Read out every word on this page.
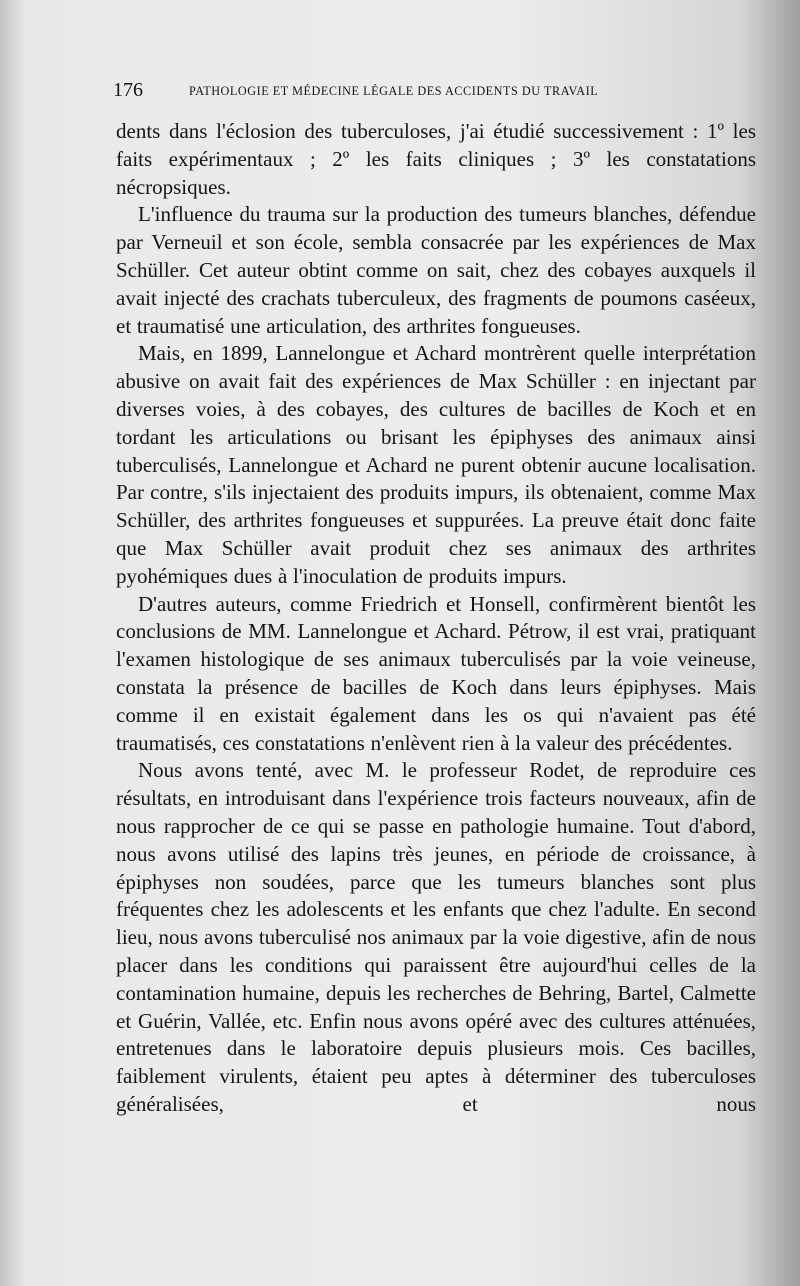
176	PATHOLOGIE ET MÉDECINE LÉGALE DES ACCIDENTS DU TRAVAIL

dents dans l'éclosion des tuberculoses, j'ai étudié successivement : 1º les faits expérimentaux ; 2º les faits cliniques ; 3º les constatations nécropsiques.

L'influence du trauma sur la production des tumeurs blanches, défendue par Verneuil et son école, sembla consacrée par les expériences de Max Schüller. Cet auteur obtint comme on sait, chez des cobayes auxquels il avait injecté des crachats tuberculeux, des fragments de poumons caséeux, et traumatisé une articulation, des arthrites fongueuses.

Mais, en 1899, Lannelongue et Achard montrèrent quelle interprétation abusive on avait fait des expériences de Max Schüller : en injectant par diverses voies, à des cobayes, des cultures de bacilles de Koch et en tordant les articulations ou brisant les épiphyses des animaux ainsi tuberculisés, Lannelongue et Achard ne purent obtenir aucune localisation. Par contre, s'ils injectaient des produits impurs, ils obtenaient, comme Max Schüller, des arthrites fongueuses et suppurées. La preuve était donc faite que Max Schüller avait produit chez ses animaux des arthrites pyohémiques dues à l'inoculation de produits impurs.

D'autres auteurs, comme Friedrich et Honsell, confirmèrent bientôt les conclusions de MM. Lannelongue et Achard. Pétrow, il est vrai, pratiquant l'examen histologique de ses animaux tuberculisés par la voie veineuse, constata la présence de bacilles de Koch dans leurs épiphyses. Mais comme il en existait également dans les os qui n'avaient pas été traumatisés, ces constatations n'enlèvent rien à la valeur des précédentes.

Nous avons tenté, avec M. le professeur Rodet, de reproduire ces résultats, en introduisant dans l'expérience trois facteurs nouveaux, afin de nous rapprocher de ce qui se passe en pathologie humaine. Tout d'abord, nous avons utilisé des lapins très jeunes, en période de croissance, à épiphyses non soudées, parce que les tumeurs blanches sont plus fréquentes chez les adolescents et les enfants que chez l'adulte. En second lieu, nous avons tuberculisé nos animaux par la voie digestive, afin de nous placer dans les conditions qui paraissent être aujourd'hui celles de la contamination humaine, depuis les recherches de Behring, Bartel, Calmette et Guérin, Vallée, etc. Enfin nous avons opéré avec des cultures atténuées, entretenues dans le laboratoire depuis plusieurs mois. Ces bacilles, faiblement virulents, étaient peu aptes à déterminer des tuberculoses généralisées, et nous
